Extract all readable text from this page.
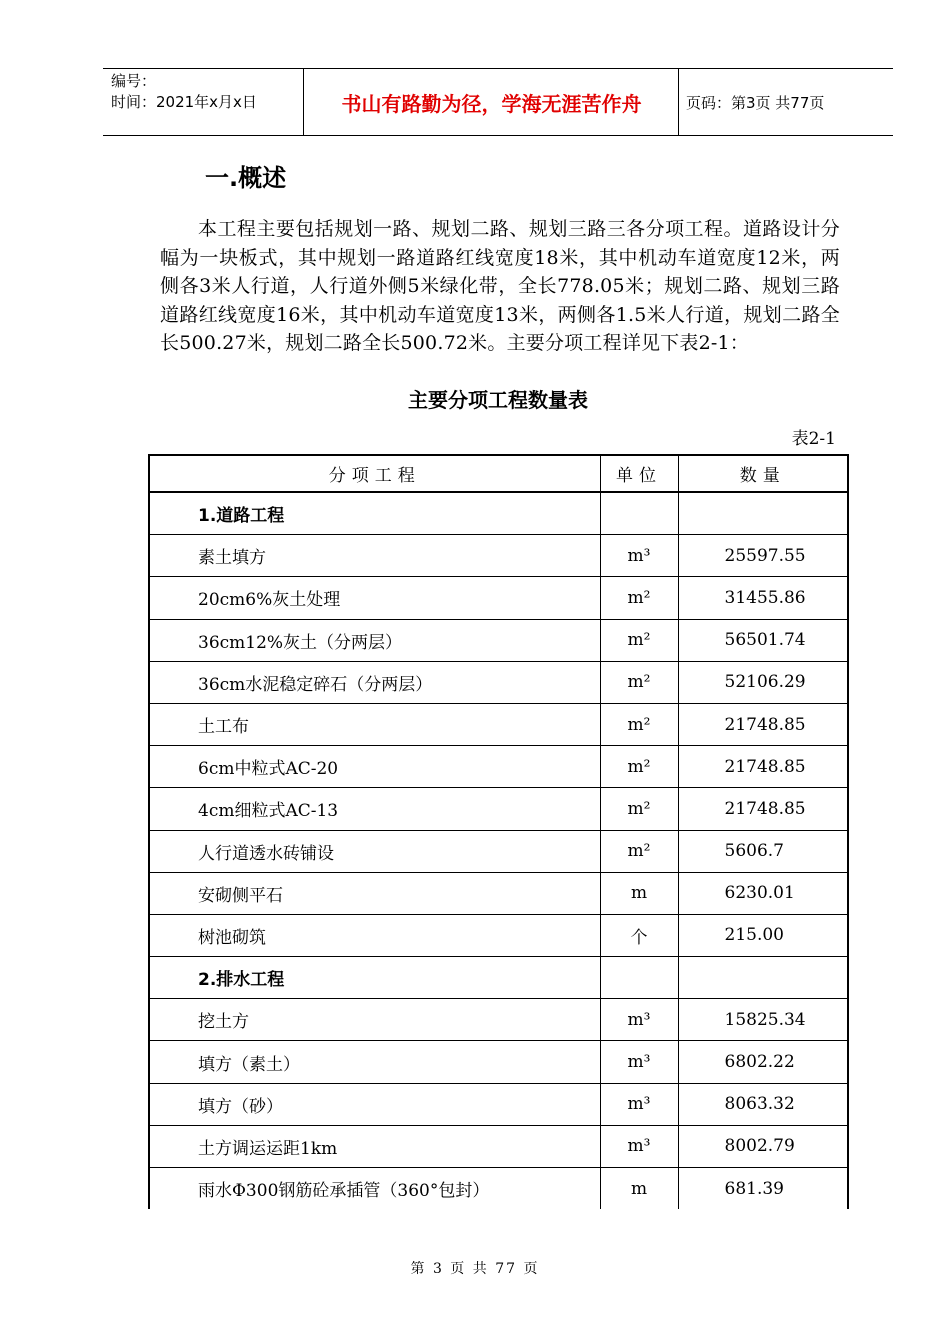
编号：
时间：2021年x月x日	书山有路勤为径，学海无涯苦作舟	页码：第3页 共77页
一.概述
本工程主要包括规划一路、规划二路、规划三路三各分项工程。道路设计分幅为一块板式，其中规划一路道路红线宽度18米，其中机动车道宽度12米，两侧各3米人行道，人行道外侧5米绿化带，全长778.05米；规划二路、规划三路道路红线宽度16米，其中机动车道宽度13米，两侧各1.5米人行道，规划二路全长500.27米，规划二路全长500.72米。主要分项工程详见下表2-1：
主要分项工程数量表
表2-1
分项工程	单位	数量
1.道路工程		
素土填方	m³	25597.55
20cm6%灰土处理	m²	31455.86
36cm12%灰土（分两层）	m²	56501.74
36cm水泥稳定碎石（分两层）	m²	52106.29
土工布	m²	21748.85
6cm中粒式AC-20	m²	21748.85
4cm细粒式AC-13	m²	21748.85
人行道透水砖铺设	m²	5606.7
安砌侧平石	m	6230.01
树池砌筑	个	215.00
2.排水工程		
挖土方	m³	15825.34
填方（素土）	m³	6802.22
填方（砂）	m³	8063.32
土方调运运距1km	m³	8002.79
雨水Φ300钢筋砼承插管（360°包封）	m	681.39
第 3 页 共 77 页
